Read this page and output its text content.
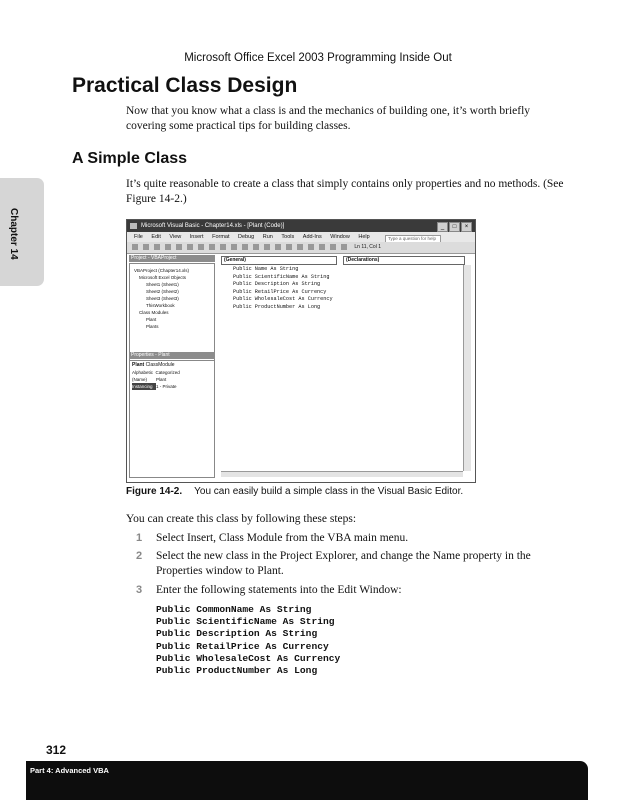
Microsoft Office Excel 2003 Programming Inside Out
Practical Class Design
Now that you know what a class is and the mechanics of building one, it’s worth briefly covering some practical tips for building classes.
A Simple Class
It’s quite reasonable to create a class that simply contains only properties and no methods. (See Figure 14-2.)
Chapter 14	Microsoft Visual Basic - Chapter14.xls - [Plant (Code)]	_	□	×
File Edit View Insert Format Debug Run Tools Add-Ins Window Help	Type a question for help
Ln 11, Col 1
Project - VBAProject
VBAProject (Chapter14.xls)
Microsoft Excel Objects
Sheet1 (Sheet1)
Sheet2 (Sheet2)
Sheet3 (Sheet3)
ThisWorkbook
Class Modules
Plant
Plants
Properties - Plant
Plant ClassModule
Alphabetic Categorized
(Name) Plant
Instancing 1 - Private
(General)	(Declarations)
Public Name As String
Public ScientificName As String
Public Description As String
Public RetailPrice As Currency
Public WholesaleCost As Currency
Public ProductNumber As Long
Figure 14-2. You can easily build a simple class in the Visual Basic Editor.
You can create this class by following these steps:
1 Select Insert, Class Module from the VBA main menu.
2 Select the new class in the Project Explorer, and change the Name property in the Properties window to Plant.
3 Enter the following statements into the Edit Window:
Public CommonName As String
Public ScientificName As String
Public Description As String
Public RetailPrice As Currency
Public WholesaleCost As Currency
Public ProductNumber As Long
312
Part 4: Advanced VBA
